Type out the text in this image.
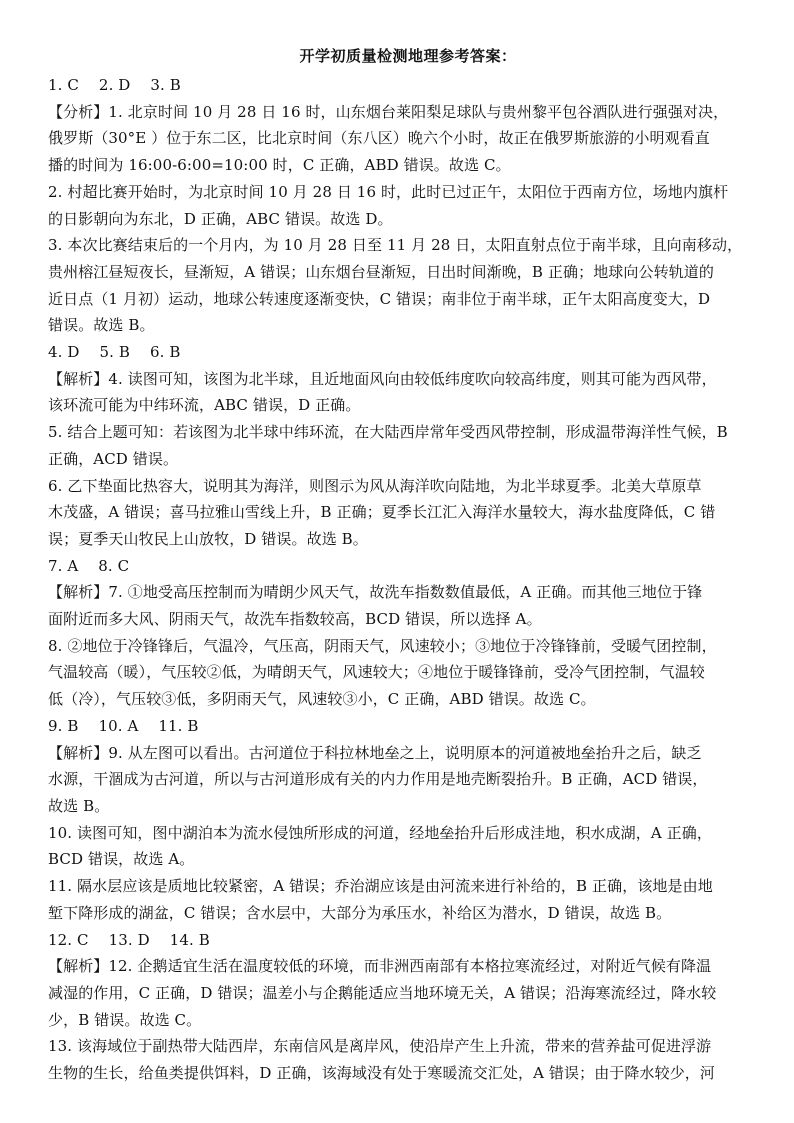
开学初质量检测地理参考答案：
1. C　 2. D　 3. B
【分析】1. 北京时间 10 月 28 日 16 时，山东烟台莱阳梨足球队与贵州黎平包谷酒队进行强强对决，
俄罗斯（30°E ）位于东二区，比北京时间（东八区）晚六个小时，故正在俄罗斯旅游的小明观看直
播的时间为 16:00-6:00=10:00 时，C 正确，ABD 错误。故选 C。
2. 村超比赛开始时，为北京时间 10 月 28 日 16 时，此时已过正午，太阳位于西南方位，场地内旗杆
的日影朝向为东北，D 正确，ABC 错误。故选 D。
3. 本次比赛结束后的一个月内，为 10 月 28 日至 11 月 28 日，太阳直射点位于南半球，且向南移动，
贵州榕江昼短夜长，昼渐短，A 错误；山东烟台昼渐短，日出时间渐晚，B 正确；地球向公转轨道的
近日点（1 月初）运动，地球公转速度逐渐变快，C 错误；南非位于南半球，正午太阳高度变大，D
错误。故选 B。
4. D　 5. B　 6. B
【解析】4. 读图可知，该图为北半球，且近地面风向由较低纬度吹向较高纬度，则其可能为西风带，
该环流可能为中纬环流，ABC 错误，D 正确。
5. 结合上题可知：若该图为北半球中纬环流，在大陆西岸常年受西风带控制，形成温带海洋性气候，B
正确，ACD 错误。
6. 乙下垫面比热容大，说明其为海洋，则图示为风从海洋吹向陆地，为北半球夏季。北美大草原草
木茂盛，A 错误；喜马拉雅山雪线上升，B 正确；夏季长江汇入海洋水量较大，海水盐度降低，C 错
误；夏季天山牧民上山放牧，D 错误。故选 B。
7. A　 8. C
【解析】7. ①地受高压控制而为晴朗少风天气，故洗车指数数值最低，A 正确。而其他三地位于锋
面附近而多大风、阴雨天气，故洗车指数较高，BCD 错误，所以选择 A。
8. ②地位于冷锋锋后，气温冷，气压高，阴雨天气，风速较小；③地位于冷锋锋前，受暖气团控制，
气温较高（暖），气压较②低，为晴朗天气，风速较大；④地位于暖锋锋前，受冷气团控制，气温较
低（冷），气压较③低，多阴雨天气，风速较③小，C 正确，ABD 错误。故选 C。
9. B　 10. A　 11. B
【解析】9. 从左图可以看出。古河道位于科拉林地垒之上，说明原本的河道被地垒抬升之后，缺乏
水源，干涸成为古河道，所以与古河道形成有关的内力作用是地壳断裂抬升。B 正确，ACD 错误，
故选 B。
10. 读图可知，图中湖泊本为流水侵蚀所形成的河道，经地垒抬升后形成洼地，积水成湖，A 正确，
BCD 错误，故选 A。
11. 隔水层应该是质地比较紧密，A 错误；乔治湖应该是由河流来进行补给的，B 正确，该地是由地
堑下降形成的湖盆，C 错误；含水层中，大部分为承压水，补给区为潜水，D 错误，故选 B。
12. C　 13. D　 14. B
【解析】12. 企鹅适宜生活在温度较低的环境，而非洲西南部有本格拉寒流经过，对附近气候有降温
减湿的作用，C 正确，D 错误；温差小与企鹅能适应当地环境无关，A 错误；沿海寒流经过，降水较
少，B 错误。故选 C。
13. 该海域位于副热带大陆西岸，东南信风是离岸风，使沿岸产生上升流，带来的营养盐可促进浮游
生物的生长，给鱼类提供饵料，D 正确，该海域没有处于寒暖流交汇处，A 错误；由于降水较少，河
